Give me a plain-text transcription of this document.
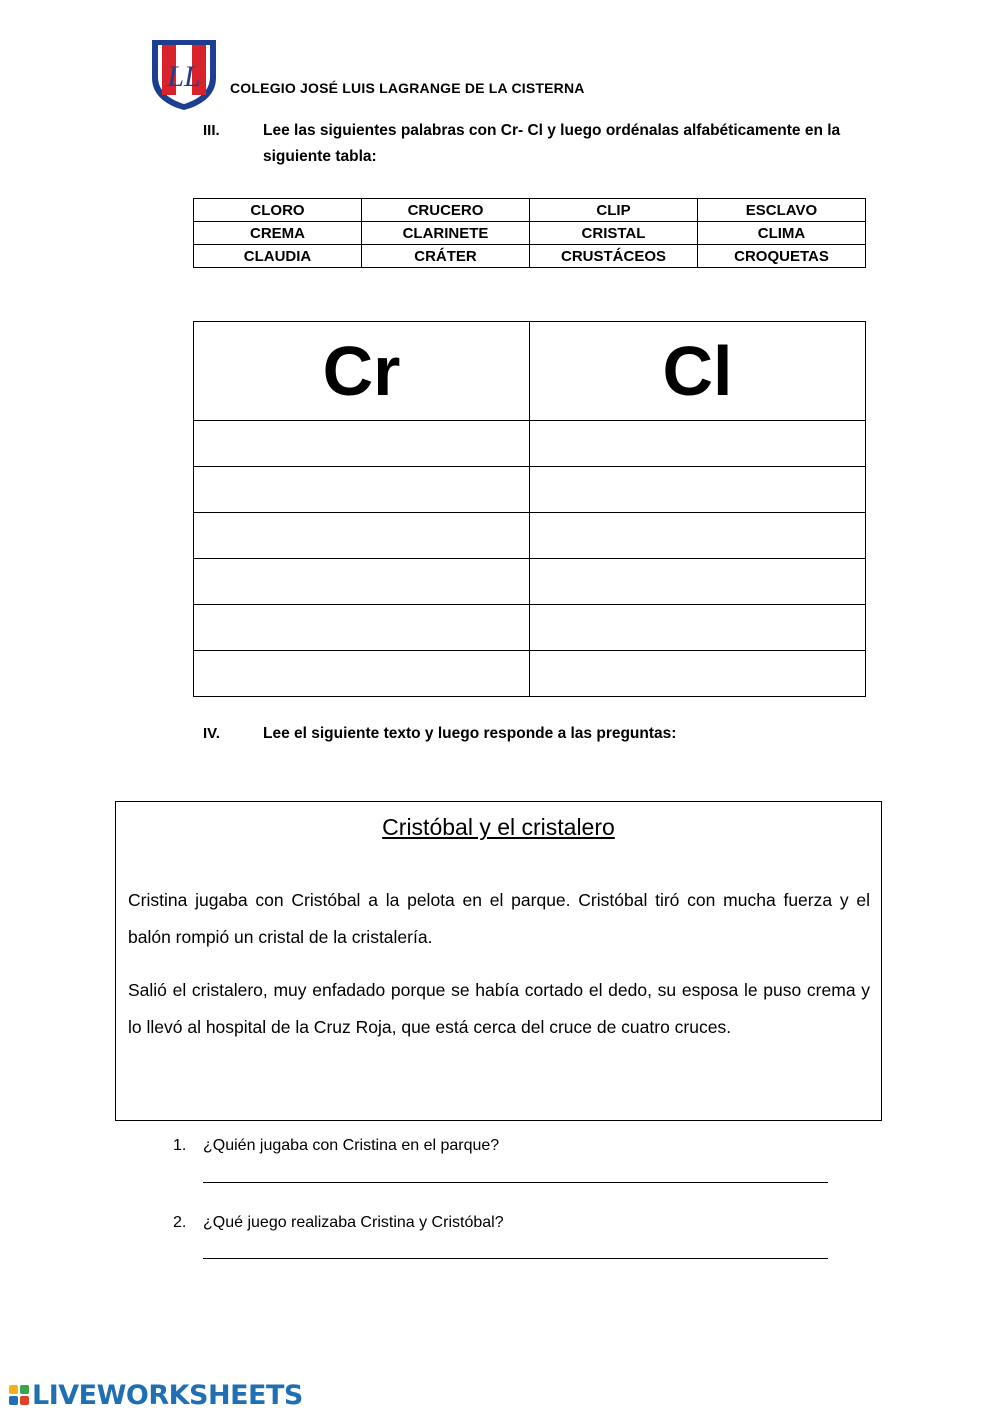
LL COLEGIO JOSÉ LUIS LAGRANGE DE LA CISTERNA
III.	Lee las siguientes palabras con Cr- Cl y luego ordénalas alfabéticamente en la siguiente tabla:
CLORO	CRUCERO	CLIP	ESCLAVO
CREMA	CLARINETE	CRISTAL	CLIMA
CLAUDIA	CRÁTER	CRUSTÁCEOS	CROQUETAS
Cr	Cl

IV.	Lee el siguiente texto y luego responde a las preguntas:
Cristóbal y el cristalero
Cristina jugaba con Cristóbal a la pelota en el parque. Cristóbal tiró con mucha fuerza y el balón rompió un cristal de la cristalería.
Salió el cristalero, muy enfadado porque se había cortado el dedo, su esposa le puso crema y lo llevó al hospital de la Cruz Roja, que está cerca del cruce de cuatro cruces.
1. ¿Quién jugaba con Cristina en el parque?
2. ¿Qué juego realizaba Cristina y Cristóbal?
LIVEWORKSHEETS
